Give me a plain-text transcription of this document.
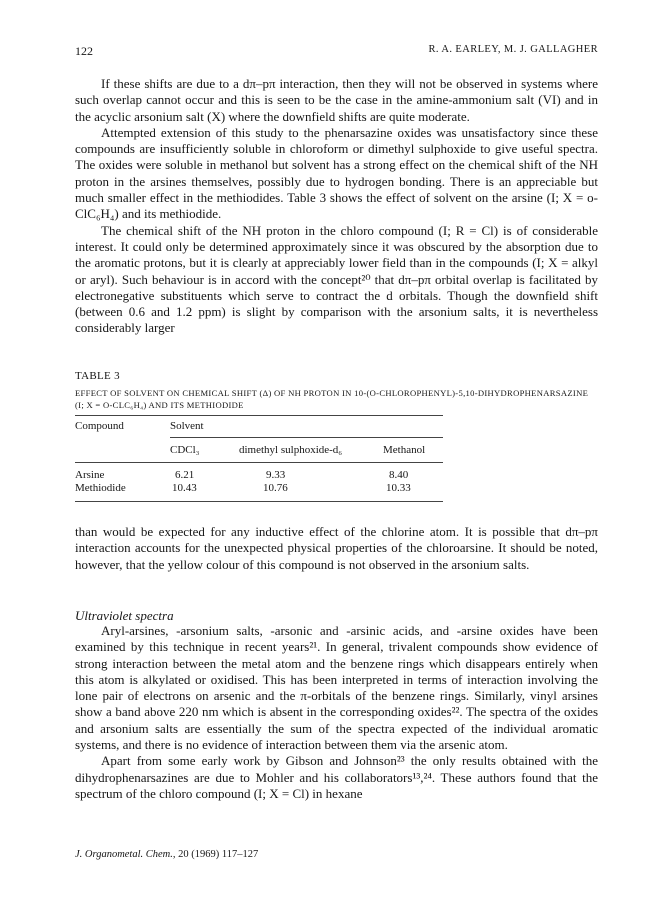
122	R. A. EARLEY, M. J. GALLAGHER

If these shifts are due to a dπ–pπ interaction, then they will not be observed in systems where such overlap cannot occur and this is seen to be the case in the amine-ammonium salt (VI) and in the acyclic arsonium salt (X) where the downfield shifts are quite moderate.

Attempted extension of this study to the phenarsazine oxides was unsatisfactory since these compounds are insufficiently soluble in chloroform or dimethyl sulphoxide to give useful spectra. The oxides were soluble in methanol but solvent has a strong effect on the chemical shift of the NH proton in the arsines themselves, possibly due to hydrogen bonding. There is an appreciable but much smaller effect in the methiodides. Table 3 shows the effect of solvent on the arsine (I; X = o-ClC₆H₄) and its methiodide.

The chemical shift of the NH proton in the chloro compound (I; R = Cl) is of considerable interest. It could only be determined approximately since it was obscured by the absorption due to the aromatic protons, but it is clearly at appreciably lower field than in the compounds (I; X = alkyl or aryl). Such behaviour is in accord with the concept²⁰ that dπ–pπ orbital overlap is facilitated by electronegative substituents which serve to contract the d orbitals. Though the downfield shift (between 0.6 and 1.2 ppm) is slight by comparison with the arsonium salts, it is nevertheless considerably larger

TABLE 3
EFFECT OF SOLVENT ON CHEMICAL SHIFT (Δ) OF NH PROTON IN 10-(O-CHLOROPHENYL)-5,10-DIHYDROPHENARSAZINE (I; X = O-CLC₆H₄) AND ITS METHIODIDE
Compound	Solvent
CDCl₃	dimethyl sulphoxide-d₆	Methanol
Arsine	6.21	9.33	8.40
Methiodide	10.43	10.76	10.33

than would be expected for any inductive effect of the chlorine atom. It is possible that dπ–pπ interaction accounts for the unexpected physical properties of the chloroarsine. It should be noted, however, that the yellow colour of this compound is not observed in the arsonium salts.

Ultraviolet spectra

Aryl-arsines, -arsonium salts, -arsonic and -arsinic acids, and -arsine oxides have been examined by this technique in recent years²¹. In general, trivalent compounds show evidence of strong interaction between the metal atom and the benzene rings which disappears entirely when this atom is alkylated or oxidised. This has been interpreted in terms of interaction involving the lone pair of electrons on arsenic and the π-orbitals of the benzene rings. Similarly, vinyl arsines show a band above 220 nm which is absent in the corresponding oxides²². The spectra of the oxides and arsonium salts are essentially the sum of the spectra expected of the individual aromatic systems, and there is no evidence of interaction between them via the arsenic atom.

Apart from some early work by Gibson and Johnson²³ the only results obtained with the dihydrophenarsazines are due to Mohler and his collaborators¹³,²⁴. These authors found that the spectrum of the chloro compound (I; X = Cl) in hexane

J. Organometal. Chem., 20 (1969) 117–127
